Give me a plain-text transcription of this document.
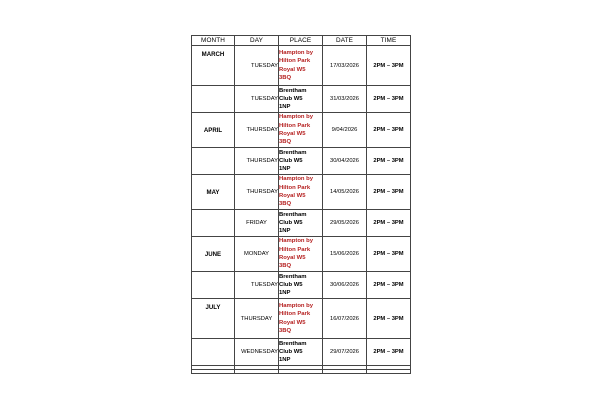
MONTH	DAY	PLACE	DATE	TIME
MARCH	TUESDAY	Hampton by
Hilton Park
Royal W5
3BQ	17/03/2026	2PM – 3PM
	TUESDAY	Brentham
Club W5
1NP	31/03/2026	2PM – 3PM
APRIL	THURSDAY	Hampton by
Hilton Park
Royal W5
3BQ	9/04/2026	2PM – 3PM
	THURSDAY	Brentham
Club W5
1NP	30/04/2026	2PM – 3PM
MAY	THURSDAY	Hampton by
Hilton Park
Royal W5
3BQ	14/05/2026	2PM – 3PM
	FRIDAY	Brentham
Club W5
1NP	29/05/2026	2PM – 3PM
JUNE	MONDAY	Hampton by
Hilton Park
Royal W5
3BQ	15/06/2026	2PM – 3PM
	TUESDAY	Brentham
Club W5
1NP	30/06/2026	2PM – 3PM
JULY	THURSDAY	Hampton by
Hilton Park
Royal W5
3BQ	16/07/2026	2PM – 3PM
	WEDNESDAY	Brentham
Club W5
1NP	29/07/2026	2PM – 3PM
